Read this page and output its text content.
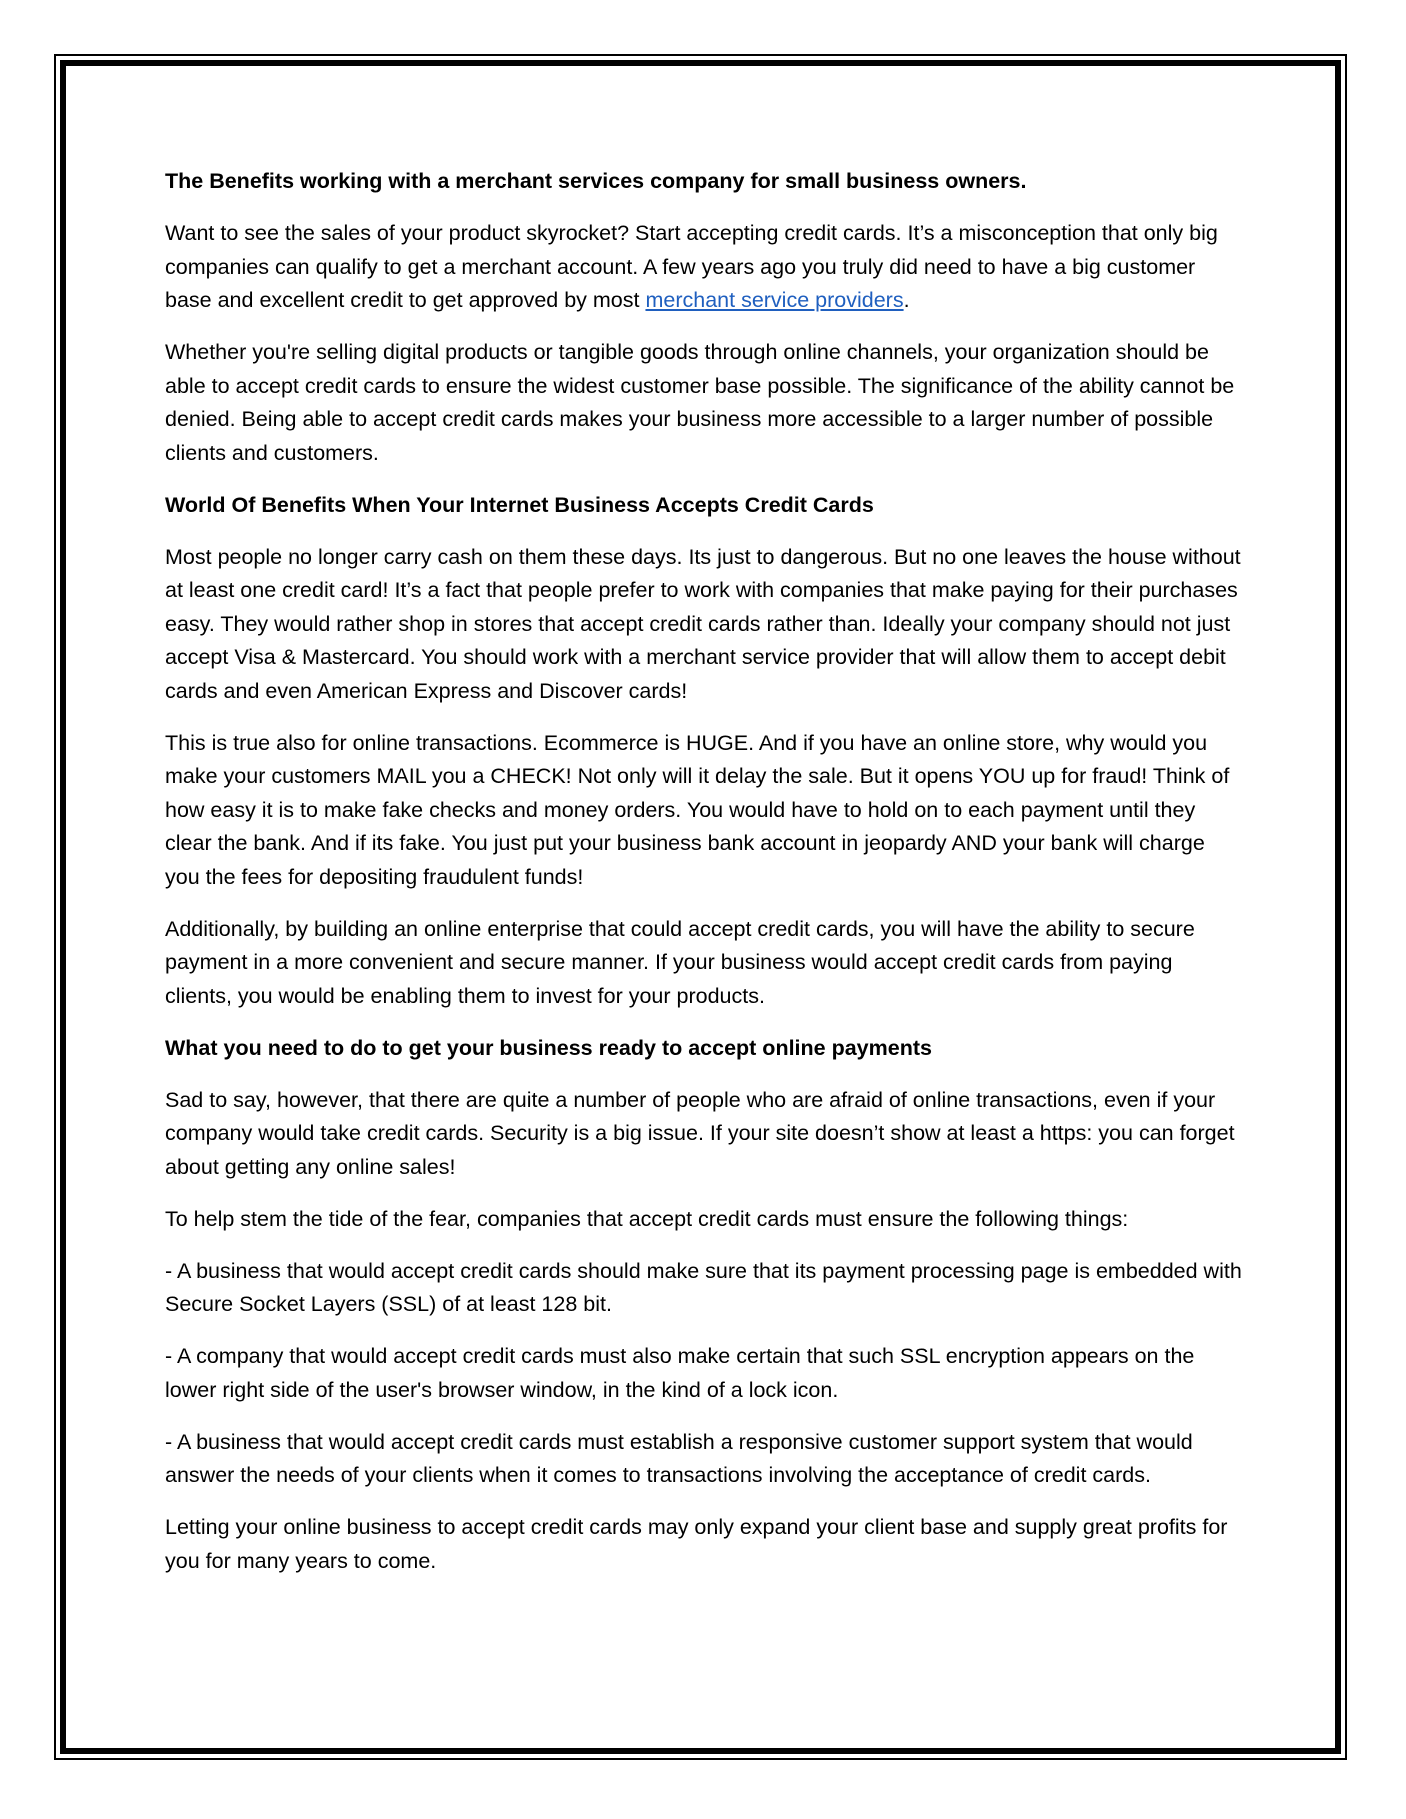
The Benefits working with a merchant services company for small business owners.

Want to see the sales of your product skyrocket? Start accepting credit cards. It’s a misconception that only big companies can qualify to get a merchant account. A few years ago you truly did need to have a big customer base and excellent credit to get approved by most merchant service providers.

Whether you're selling digital products or tangible goods through online channels, your organization should be able to accept credit cards to ensure the widest customer base possible. The significance of the ability cannot be denied. Being able to accept credit cards makes your business more accessible to a larger number of possible clients and customers.

World Of Benefits When Your Internet Business Accepts Credit Cards

Most people no longer carry cash on them these days. Its just to dangerous. But no one leaves the house without at least one credit card! It’s a fact that people prefer to work with companies that make paying for their purchases easy. They would rather shop in stores that accept credit cards rather than. Ideally your company should not just accept Visa & Mastercard. You should work with a merchant service provider that will allow them to accept debit cards and even American Express and Discover cards!

This is true also for online transactions. Ecommerce is HUGE. And if you have an online store, why would you make your customers MAIL you a CHECK! Not only will it delay the sale. But it opens YOU up for fraud! Think of how easy it is to make fake checks and money orders. You would have to hold on to each payment until they clear the bank. And if its fake. You just put your business bank account in jeopardy AND your bank will charge you the fees for depositing fraudulent funds!

Additionally, by building an online enterprise that could accept credit cards, you will have the ability to secure payment in a more convenient and secure manner. If your business would accept credit cards from paying clients, you would be enabling them to invest for your products.

What you need to do to get your business ready to accept online payments

Sad to say, however, that there are quite a number of people who are afraid of online transactions, even if your company would take credit cards. Security is a big issue. If your site doesn’t show at least a https: you can forget about getting any online sales!

To help stem the tide of the fear, companies that accept credit cards must ensure the following things:

- A business that would accept credit cards should make sure that its payment processing page is embedded with Secure Socket Layers (SSL) of at least 128 bit.

- A company that would accept credit cards must also make certain that such SSL encryption appears on the lower right side of the user's browser window, in the kind of a lock icon.

- A business that would accept credit cards must establish a responsive customer support system that would answer the needs of your clients when it comes to transactions involving the acceptance of credit cards.

Letting your online business to accept credit cards may only expand your client base and supply great profits for you for many years to come.
